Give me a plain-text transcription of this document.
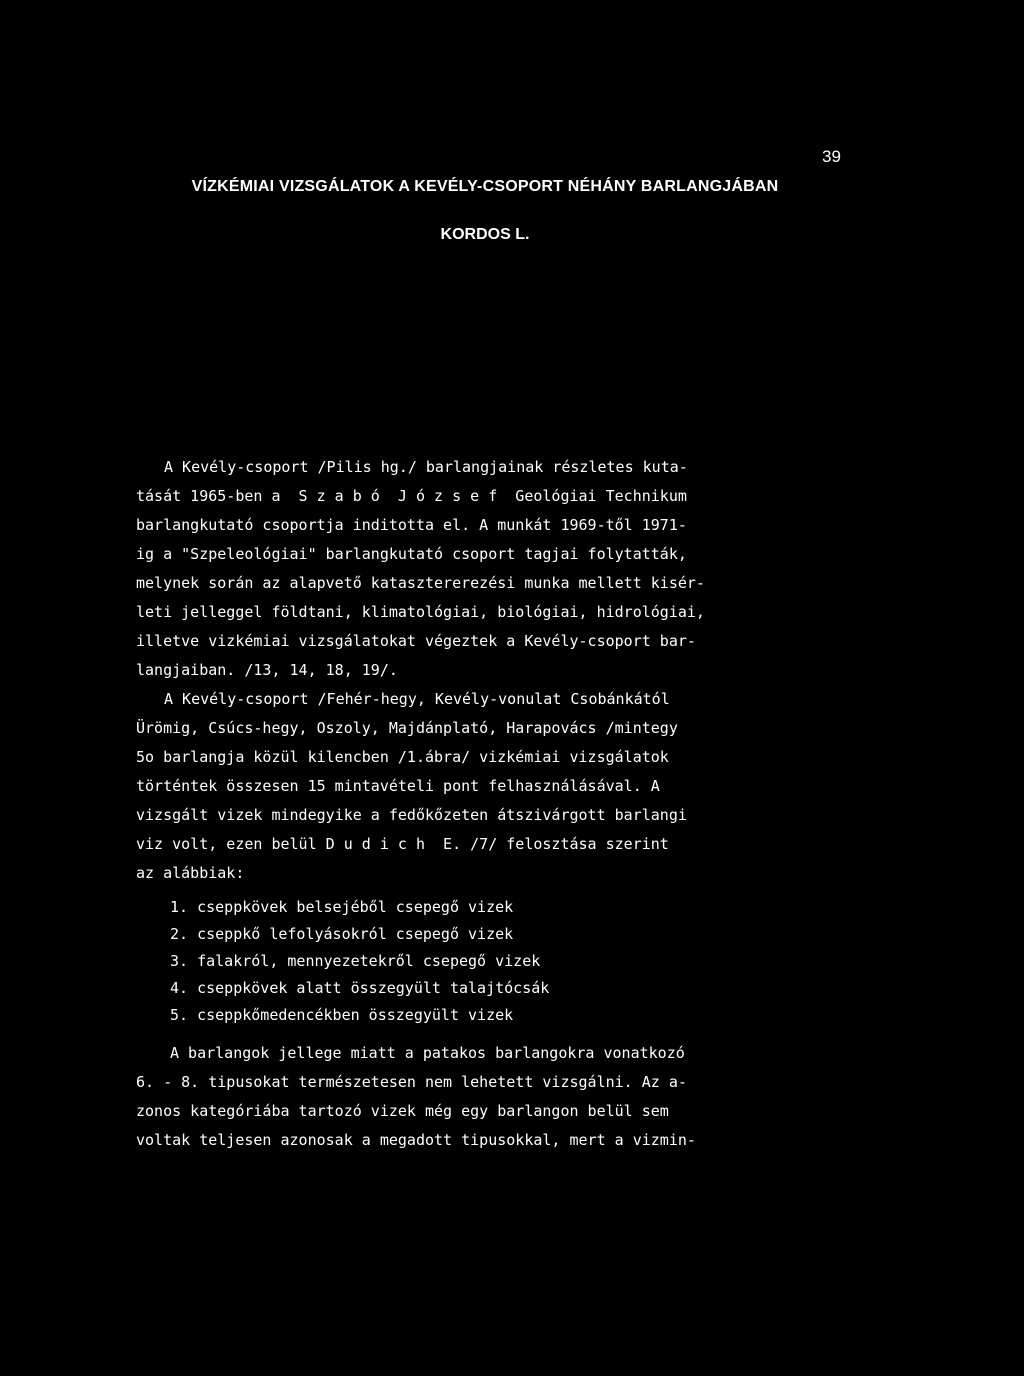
39
VÍZKÉMIAI VIZSGÁLATOK A KEVÉLY-CSOPORT NÉHÁNY BARLANGJÁBAN
KORDOS L.
A Kevély-csoport /Pilis hg./ barlangjainak részletes kuta-
tását 1965-ben a  S z a b ó  J ó z s e f  Geológiai Technikum
barlangkutató csoportja inditotta el. A munkát 1969-től 1971-
ig a "Szpeleológiai" barlangkutató csoport tagjai folytatták,
melynek során az alapvető katasztererezési munka mellett kisér-
leti jelleggel földtani, klimatológiai, biológiai, hidrológiai,
illetve vizkémiai vizsgálatokat végeztek a Kevély-csoport bar-
langjaiban. /13, 14, 18, 19/.
A Kevély-csoport /Fehér-hegy, Kevély-vonulat Csobánkától
Ürömig, Csúcs-hegy, Oszoly, Majdánplató, Harapovács /mintegy
5o barlangja közül kilencben /1.ábra/ vizkémiai vizsgálatok
történtek összesen 15 mintavételi pont felhasználásával. A
vizsgált vizek mindegyike a fedőkőzeten átszivárgott barlangi
viz volt, ezen belül D u d i c h  E. /7/ felosztása szerint
az alábbiak:
1. cseppkövek belsejéből csepegő vizek
2. cseppkő lefolyásokról csepegő vizek
3. falakról, mennyezetekről csepegő vizek
4. cseppkövek alatt összegyült talajtócsák
5. cseppkőmedencékben összegyült vizek
A barlangok jellege miatt a patakos barlangokra vonatkozó
6. - 8. tipusokat természetesen nem lehetett vizsgálni. Az a-
zonos kategóriába tartozó vizek még egy barlangon belül sem
voltak teljesen azonosak a megadott tipusokkal, mert a vizmin-
